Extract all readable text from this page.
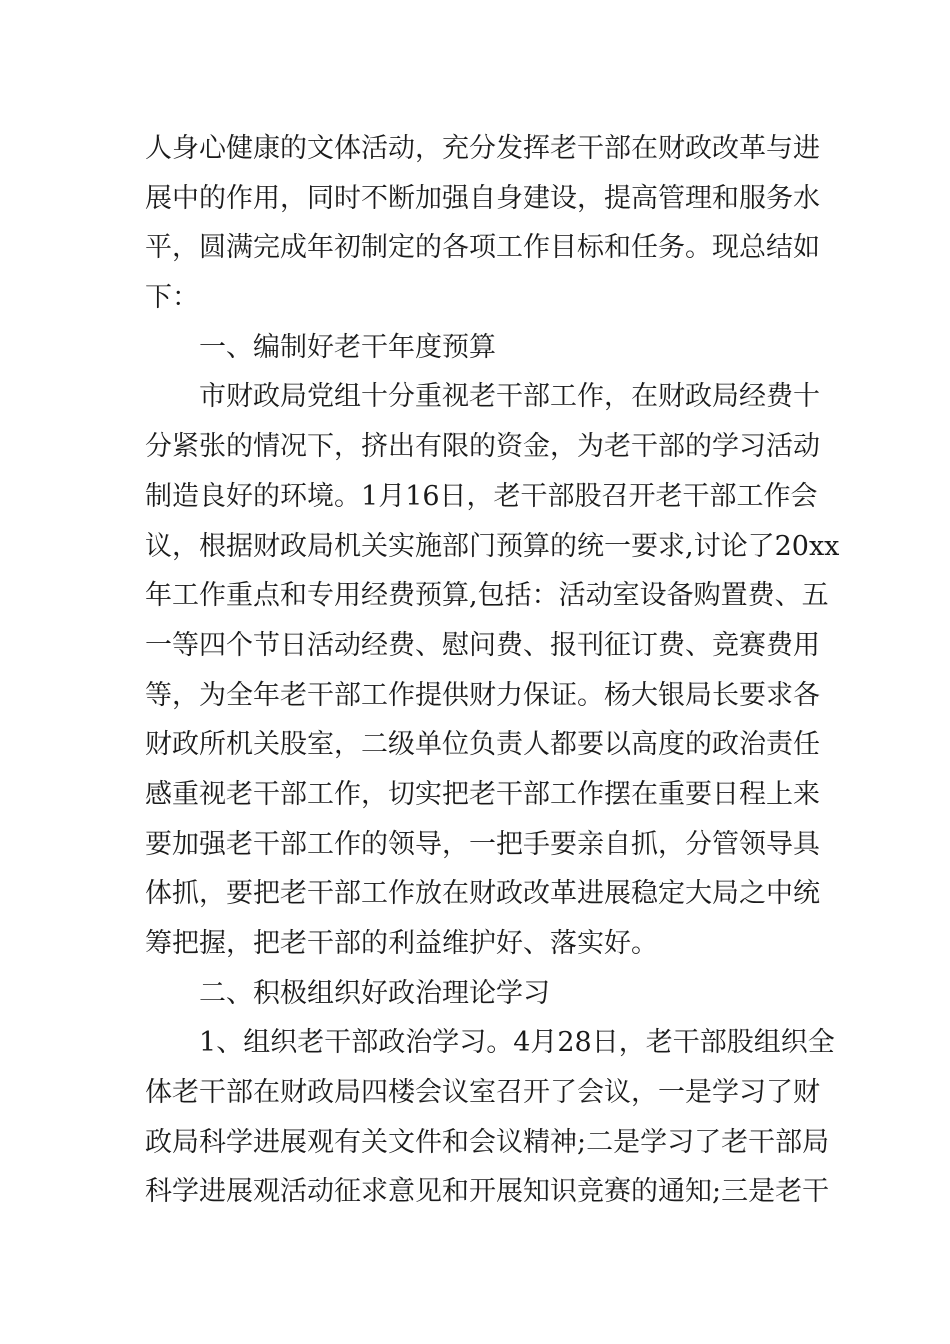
人 身 心 健 康 的 文 体 活 动 ， 充 分 发 挥 老 干 部 在 财 政 改 革 与 进
展 中 的 作 用 ， 同 时 不 断 加 强 自 身 建 设 ， 提 高 管 理 和 服 务 水
平 ， 圆 满 完 成 年 初 制 定 的 各 项 工 作 目 标 和 任 务 。 现 总 结 如
下：
一、编制好老干年度预算
市 财 政 局 党 组 十 分 重 视 老 干 部 工 作 ， 在 财 政 局 经 费 十
分 紧 张 的 情 况 下 ， 挤 出 有 限 的 资 金 ， 为 老 干 部 的 学 习 活 动
制 造 良 好 的 环 境 。 1 月 16 日 ， 老 干 部 股 召 开 老 干 部 工 作 会
议 ， 根 据 财 政 局 机 关 实 施 部 门 预 算 的 统 一 要 求 , 讨 论 了 20xx
年 工 作 重 点 和 专 用 经 费 预 算 , 包 括 ： 活 动 室 设 备 购 置 费 、 五
一 等 四 个 节 日 活 动 经 费 、 慰 问 费 、 报 刊 征 订 费 、 竞 赛 费 用
等 ， 为 全 年 老 干 部 工 作 提 供 财 力 保 证 。 杨 大 银 局 长 要 求 各
财 政 所 机 关 股 室 ， 二 级 单 位 负 责 人 都 要 以 高 度 的 政 治 责 任
感 重 视 老 干 部 工 作 ， 切 实 把 老 干 部 工 作 摆 在 重 要 日 程 上 来
要 加 强 老 干 部 工 作 的 领 导 ， 一 把 手 要 亲 自 抓 ， 分 管 领 导 具
体 抓 ， 要 把 老 干 部 工 作 放 在 财 政 改 革 进 展 稳 定 大 局 之 中 统
筹把握，把老干部的利益维护好、落实好。
二、积极组织好政治理论学习
1 、 组 织 老 干 部 政 治 学 习 。 4 月 28 日 ， 老 干 部 股 组 织 全
体 老 干 部 在 财 政 局 四 楼 会 议 室 召 开 了 会 议 ， 一 是 学 习 了 财
政 局 科 学 进 展 观 有 关 文 件 和 会 议 精 神 ; 二 是 学 习 了 老 干 部 局
科 学 进 展 观 活 动 征 求 意 见 和 开 展 知 识 竞 赛 的 通 知 ; 三 是 老 干
